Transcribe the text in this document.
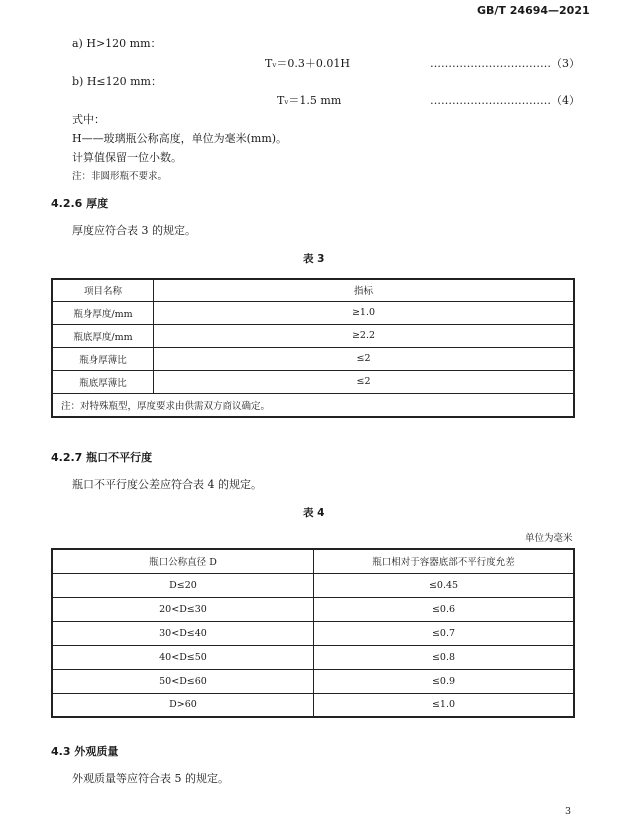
GB/T 24694—2021
a) H>120 mm：
Tᵥ＝0.3＋0.01H	……………………………（3）
b) H≤120 mm：
Tᵥ＝1.5 mm	……………………………（4）
式中：
H——玻璃瓶公称高度，单位为毫米(mm)。
计算值保留一位小数。
注：非圆形瓶不要求。
4.2.6 厚度
厚度应符合表 3 的规定。
表 3
项目名称	指标
瓶身厚度/mm	≥1.0
瓶底厚度/mm	≥2.2
瓶身厚薄比	≤2
瓶底厚薄比	≤2
注：对特殊瓶型，厚度要求由供需双方商议确定。	
4.2.7 瓶口不平行度
瓶口不平行度公差应符合表 4 的规定。
表 4
单位为毫米
瓶口公称直径 D	瓶口相对于容器底部不平行度允差
D≤20	≤0.45
20<D≤30	≤0.6
30<D≤40	≤0.7
40<D≤50	≤0.8
50<D≤60	≤0.9
D>60	≤1.0
4.3 外观质量
外观质量等应符合表 5 的规定。
3
